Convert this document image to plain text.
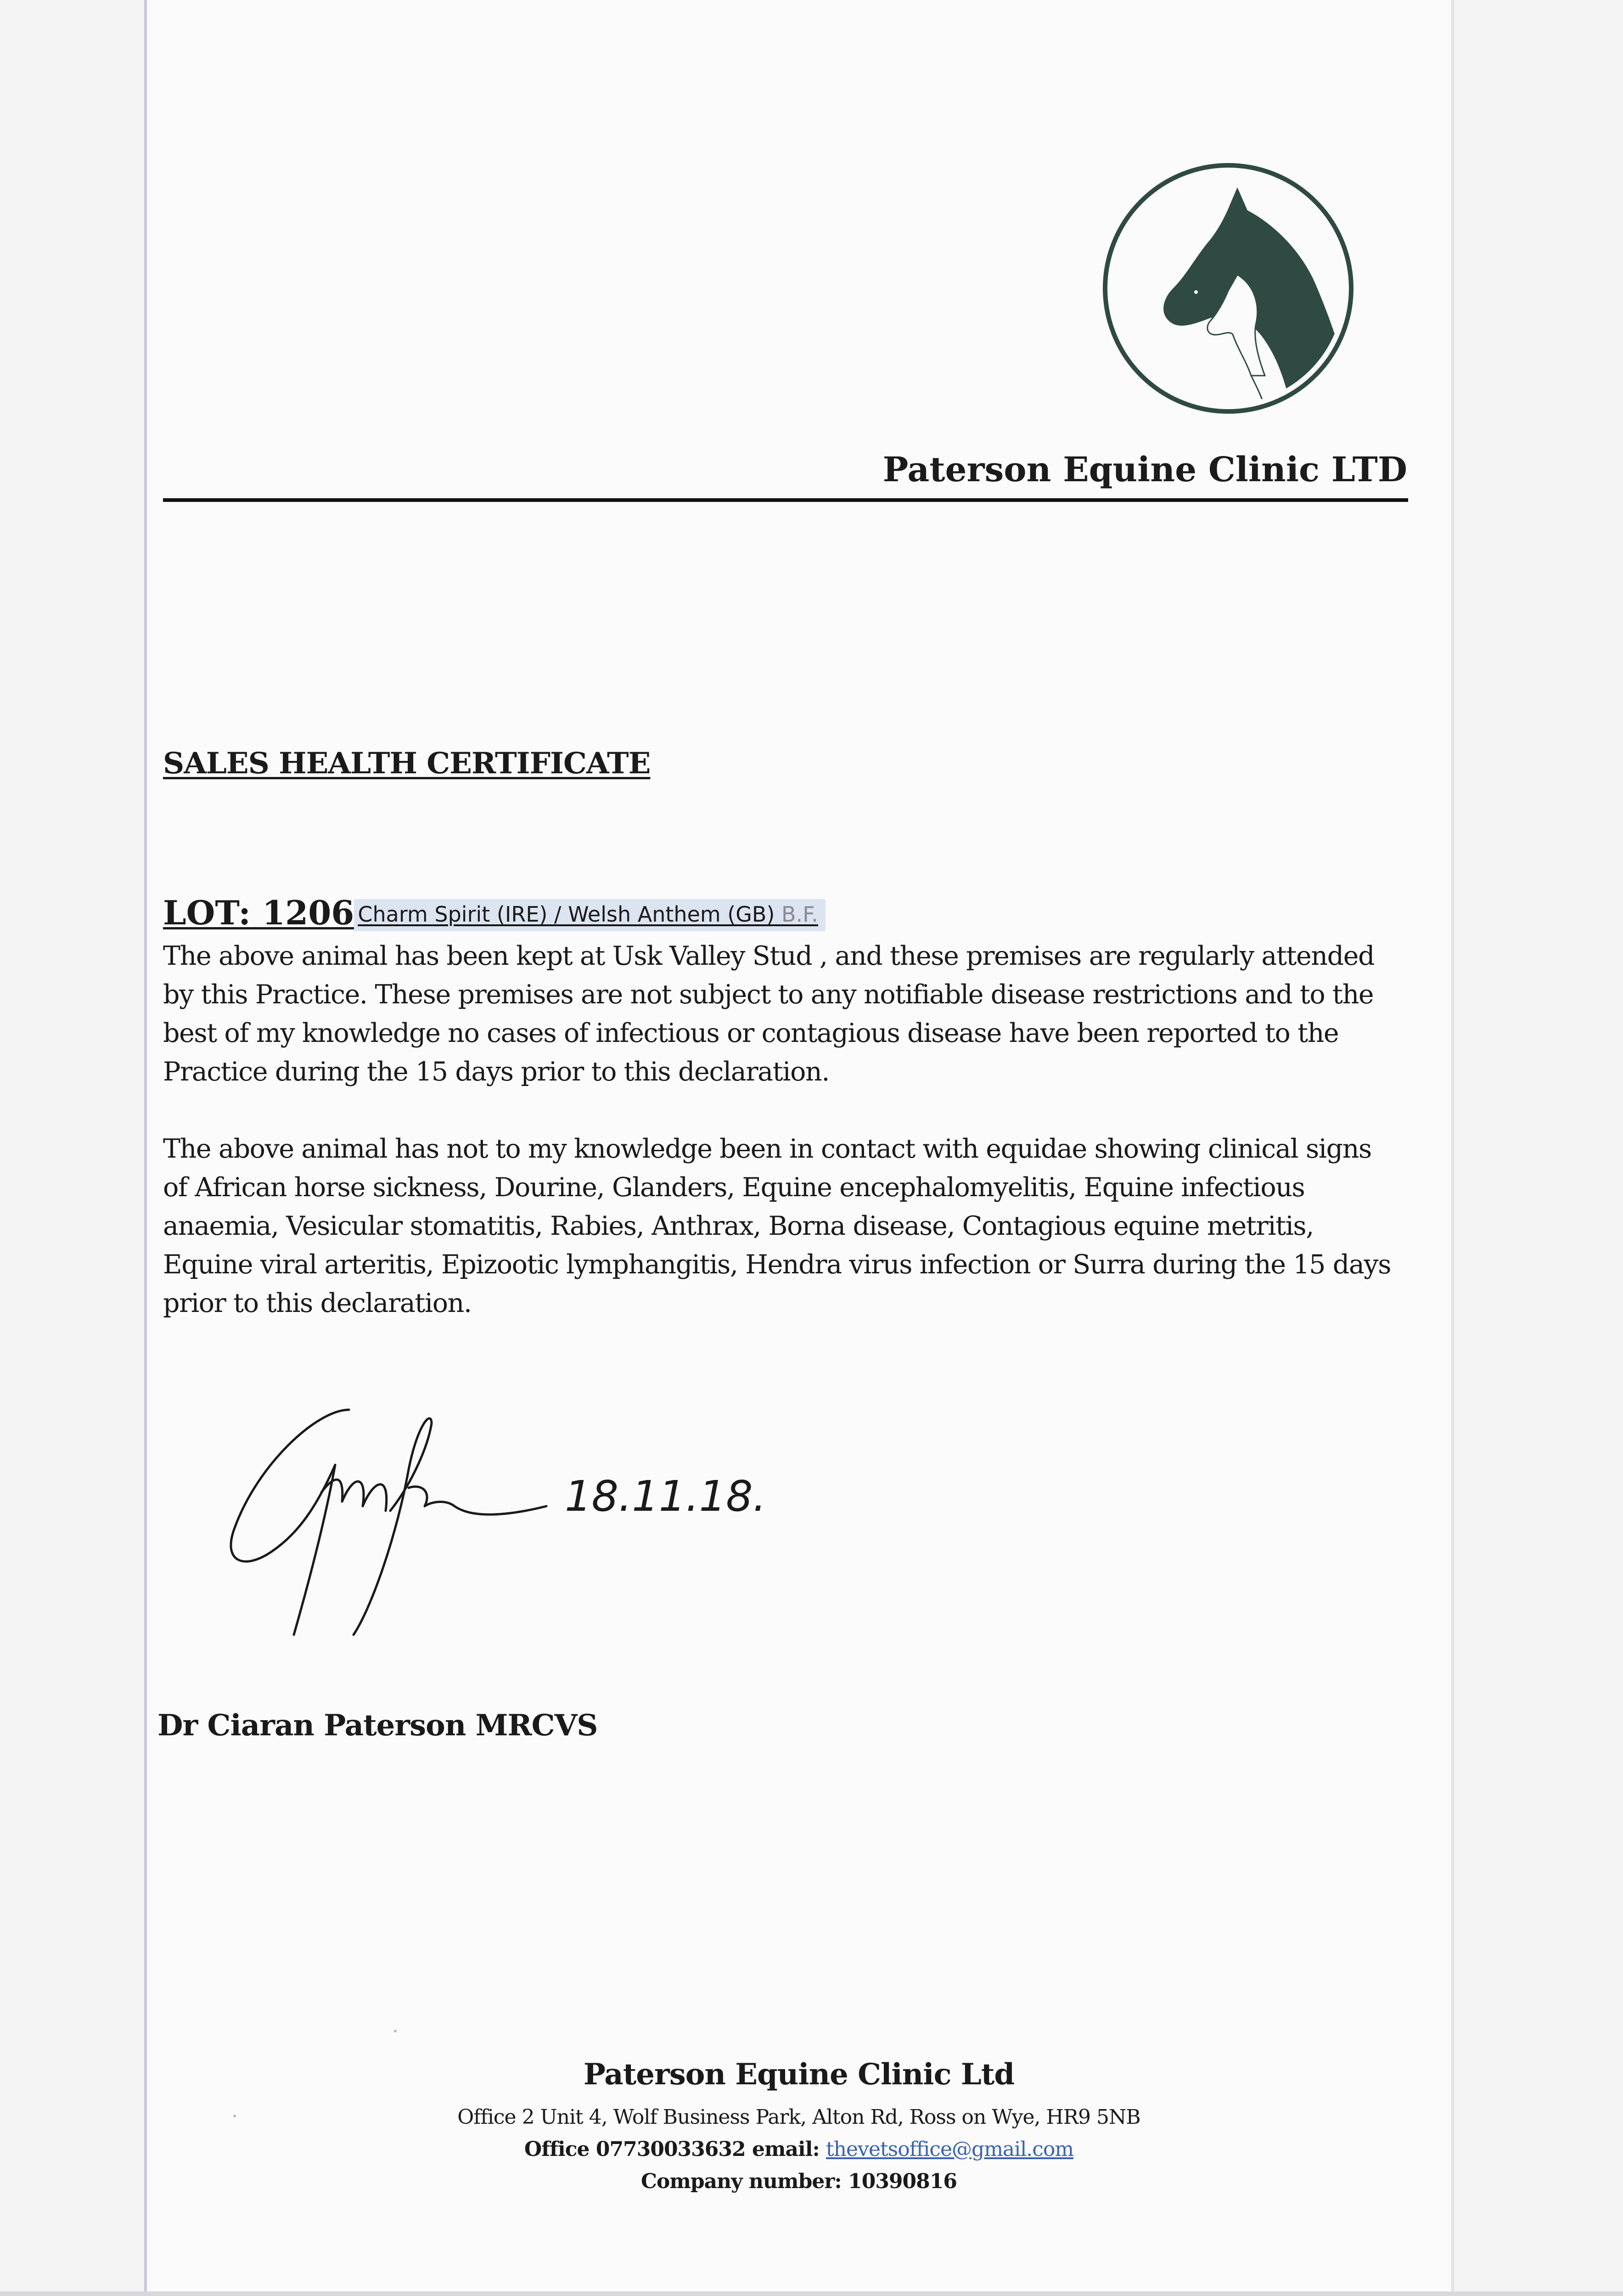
Paterson Equine Clinic LTD
SALES HEALTH CERTIFICATE
LOT: 1206 Charm Spirit (IRE) / Welsh Anthem (GB) B.F.
The above animal has been kept at Usk Valley Stud , and these premises are regularly attended by this Practice. These premises are not subject to any notifiable disease restrictions and to the best of my knowledge no cases of infectious or contagious disease have been reported to the Practice during the 15 days prior to this declaration.
The above animal has not to my knowledge been in contact with equidae showing clinical signs of African horse sickness, Dourine, Glanders, Equine encephalomyelitis, Equine infectious anaemia, Vesicular stomatitis, Rabies, Anthrax, Borna disease, Contagious equine metritis, Equine viral arteritis, Epizootic lymphangitis, Hendra virus infection or Surra during the 15 days prior to this declaration.
18.11.18.
Dr Ciaran Paterson MRCVS
Paterson Equine Clinic Ltd
Office 2 Unit 4, Wolf Business Park, Alton Rd, Ross on Wye, HR9 5NB
Office 07730033632 email: thevetsoffice@gmail.com
Company number: 10390816
